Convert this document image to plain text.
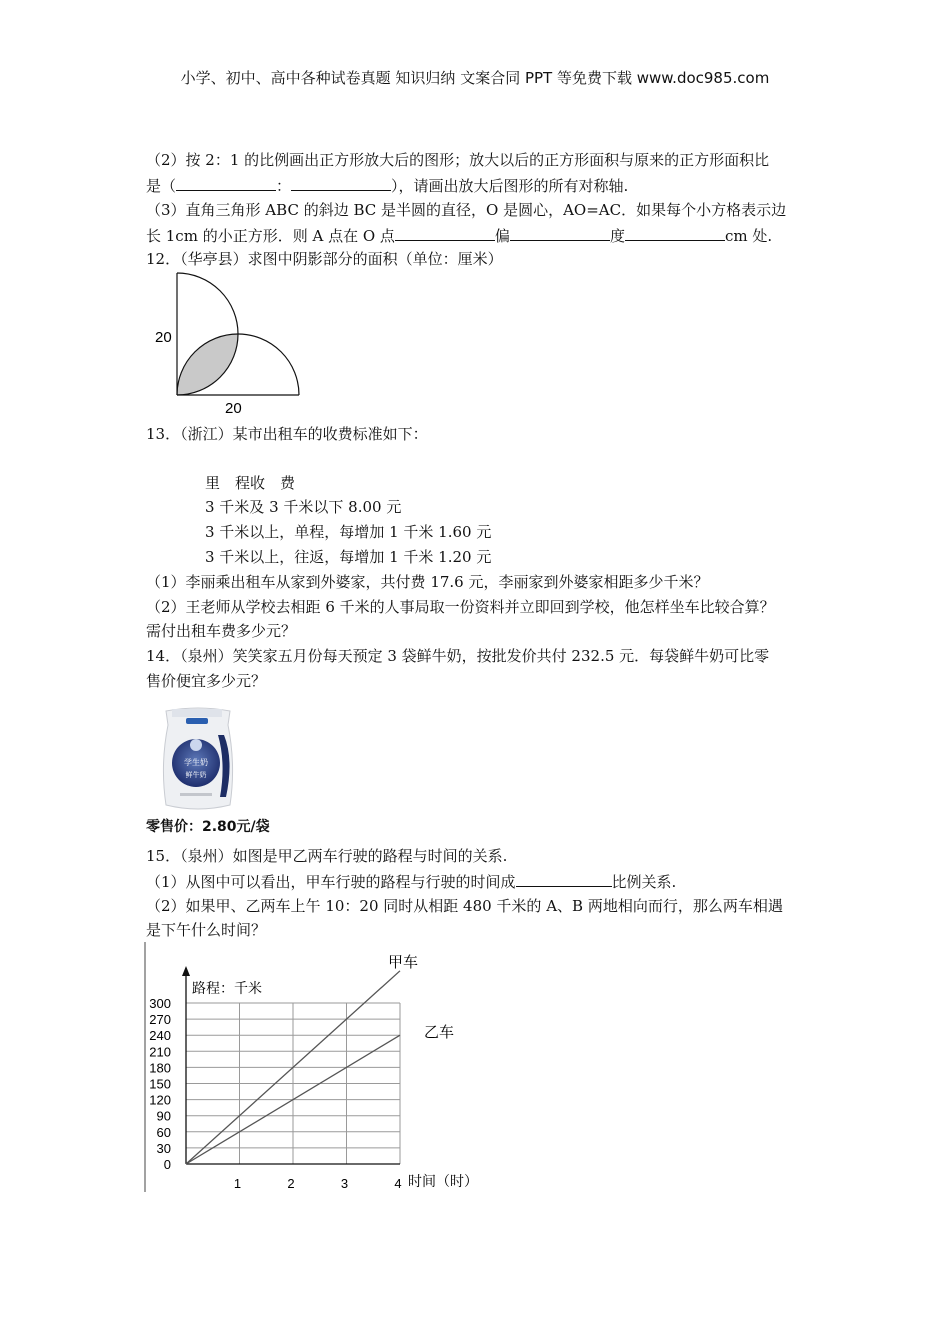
小学、初中、高中各种试卷真题 知识归纳 文案合同 PPT 等免费下载 www.doc985.com
（2）按 2：1 的比例画出正方形放大后的图形；放大以后的正方形面积与原来的正方形面积比
是（	：	），请画出放大后图形的所有对称轴.
（3）直角三角形 ABC 的斜边 BC 是半圆的直径，O 是圆心，AO=AC．如果每个小方格表示边
长 1cm 的小正方形．则 A 点在 O 点	偏	度	cm 处.
12．（华亭县）求图中阴影部分的面积（单位：厘米）
20
20
13．（浙江）某市出租车的收费标准如下：
里　程收　费
3 千米及 3 千米以下 8.00 元
3 千米以上，单程，每增加 1 千米 1.60 元
3 千米以上，往返，每增加 1 千米 1.20 元
（1）李丽乘出租车从家到外婆家，共付费 17.6 元，李丽家到外婆家相距多少千米？
（2）王老师从学校去相距 6 千米的人事局取一份资料并立即回到学校，他怎样坐车比较合算？
需付出租车费多少元？
14．（泉州）笑笑家五月份每天预定 3 袋鲜牛奶，按批发价共付 232.5 元．每袋鲜牛奶可比零
售价便宜多少元？
学生奶
鲜牛奶
零售价：2.80元/袋
15．（泉州）如图是甲乙两车行驶的路程与时间的关系.
（1）从图中可以看出，甲车行驶的路程与行驶的时间成	比例关系.
（2）如果甲、乙两车上午 10：20 同时从相距 480 千米的 A、B 两地相向而行，那么两车相遇
是下午什么时间？
0
30
60
90
120
150
180
210
240
270
300
1	2	3	4
甲车
乙车
路程：千米
时间（时）
